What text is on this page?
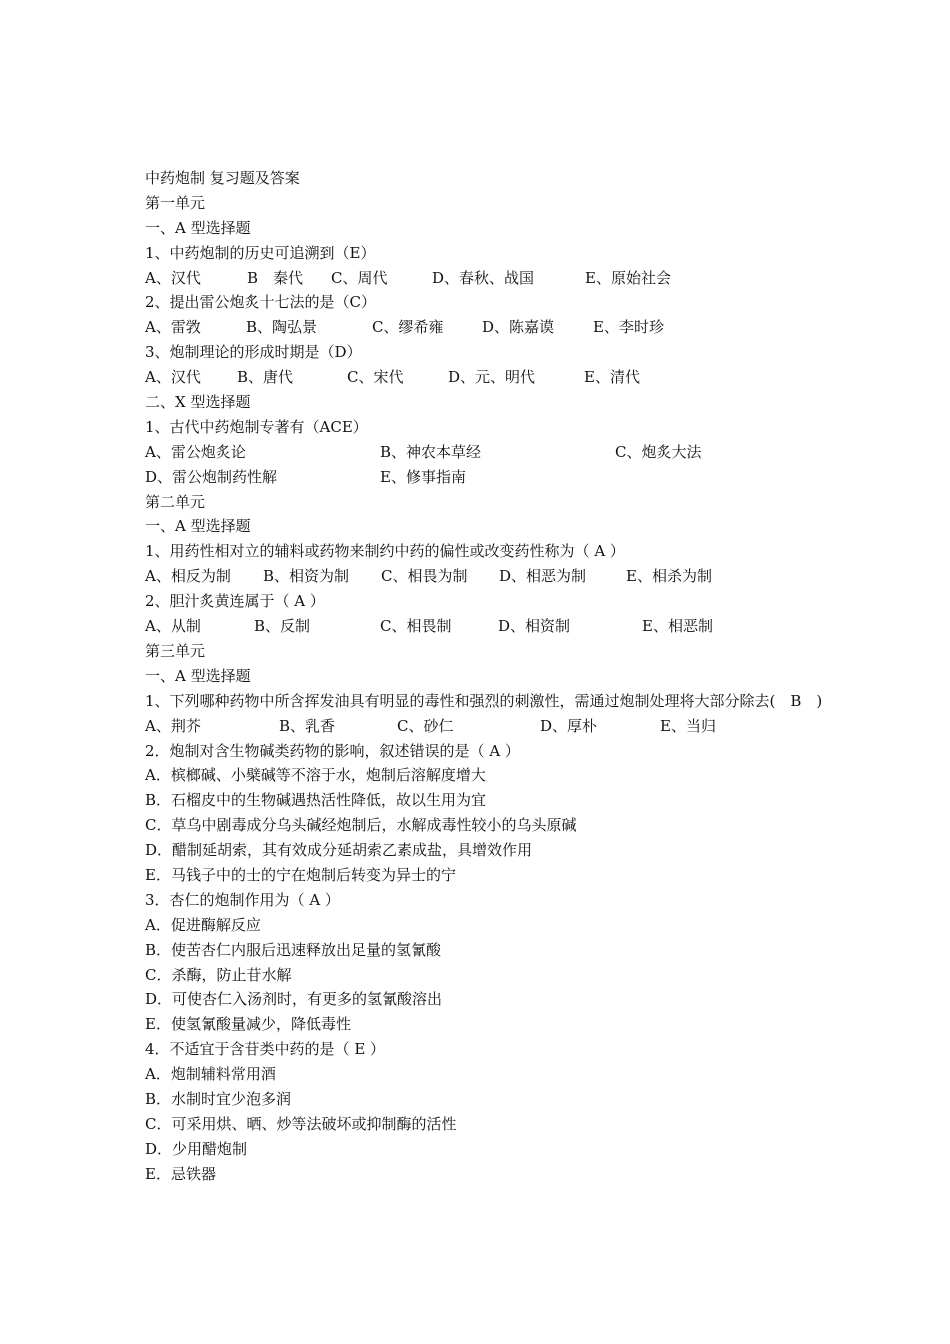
中药炮制 复习题及答案
第一单元
一、A 型选择题
1、中药炮制的历史可追溯到（E）
A、汉代	B　秦代	C、周代	D、春秋、战国	E、原始社会
2、提出雷公炮炙十七法的是（C）
A、雷敩	B、陶弘景	C、缪希雍	D、陈嘉谟	E、李时珍
3、炮制理论的形成时期是（D）
A、汉代	B、唐代	C、宋代	D、元、明代	E、清代
二、X 型选择题
1、古代中药炮制专著有（ACE）
A、雷公炮炙论	B、神农本草经	C、炮炙大法
D、雷公炮制药性解	E、修事指南
第二单元
一、A 型选择题
1、用药性相对立的辅料或药物来制约中药的偏性或改变药性称为（ A ）
A、相反为制	B、相资为制	C、相畏为制	D、相恶为制	E、相杀为制
2、胆汁炙黄连属于（ A ）
A、从制	B、反制	C、相畏制	D、相资制	E、相恶制
第三单元
一、A 型选择题
1、下列哪种药物中所含挥发油具有明显的毒性和强烈的刺激性，需通过炮制处理将大部分除去(　B　)
A、荆芥	B、乳香	C、砂仁	D、厚朴	E、当归
2．炮制对含生物碱类药物的影响，叙述错误的是（ A ）
A．槟榔碱、小檗碱等不溶于水，炮制后溶解度增大
B．石榴皮中的生物碱遇热活性降低，故以生用为宜
C．草乌中剧毒成分乌头碱经炮制后，水解成毒性较小的乌头原碱
D．醋制延胡索，其有效成分延胡索乙素成盐，具增效作用
E．马钱子中的士的宁在炮制后转变为异士的宁
3．杏仁的炮制作用为（ A ）
A．促进酶解反应
B．使苦杏仁内服后迅速释放出足量的氢氰酸
C．杀酶，防止苷水解
D．可使杏仁入汤剂时，有更多的氢氰酸溶出
E．使氢氰酸量减少，降低毒性
4．不适宜于含苷类中药的是（ E ）
A．炮制辅料常用酒
B．水制时宜少泡多润
C．可采用烘、晒、炒等法破坏或抑制酶的活性
D．少用醋炮制
E．忌铁器
